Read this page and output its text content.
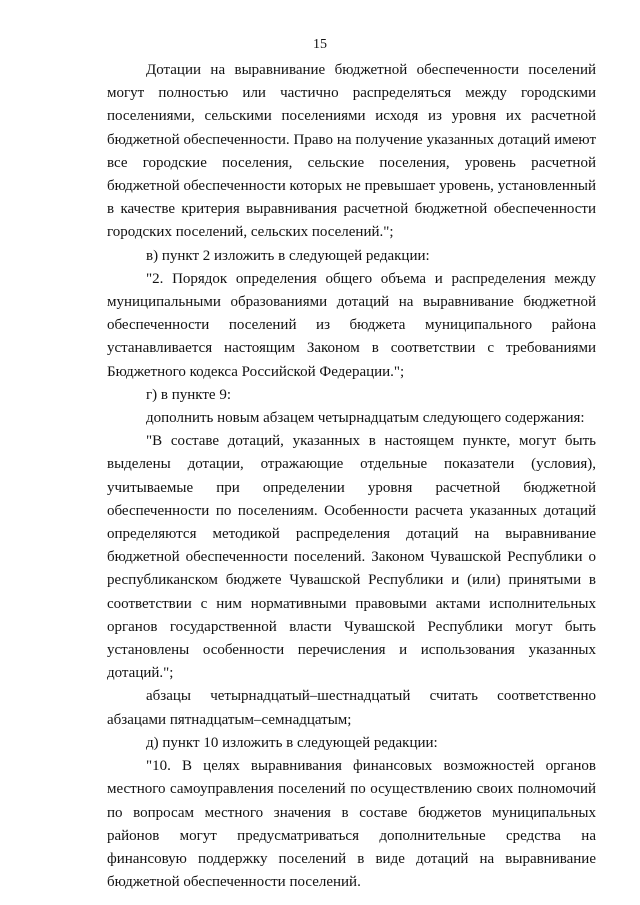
15

Дотации на выравнивание бюджетной обеспеченности поселений могут полностью или частично распределяться между городскими поселениями, сельскими поселениями исходя из уровня их расчетной бюджетной обеспеченности. Право на получение указанных дотаций имеют все городские поселения, сельские поселения, уровень расчетной бюджетной обеспеченности которых не превышает уровень, установленный в качестве критерия выравнивания расчетной бюджетной обеспеченности городских поселений, сельских поселений.";

в) пункт 2 изложить в следующей редакции:

"2. Порядок определения общего объема и распределения между муниципальными образованиями дотаций на выравнивание бюджетной обеспеченности поселений из бюджета муниципального района устанавливается настоящим Законом в соответствии с требованиями Бюджетного кодекса Российской Федерации.";

г) в пункте 9:

дополнить новым абзацем четырнадцатым следующего содержания:

"В составе дотаций, указанных в настоящем пункте, могут быть выделены дотации, отражающие отдельные показатели (условия), учитываемые при определении уровня расчетной бюджетной обеспеченности по поселениям. Особенности расчета указанных дотаций определяются методикой распределения дотаций на выравнивание бюджетной обеспеченности поселений. Законом Чувашской Республики о республиканском бюджете Чувашской Республики и (или) принятыми в соответствии с ним нормативными правовыми актами исполнительных органов государственной власти Чувашской Республики могут быть установлены особенности перечисления и использования указанных дотаций.";

абзацы четырнадцатый–шестнадцатый считать соответственно абзацами пятнадцатым–семнадцатым;

д) пункт 10 изложить в следующей редакции:

"10. В целях выравнивания финансовых возможностей органов местного самоуправления поселений по осуществлению своих полномочий по вопросам местного значения в составе бюджетов муниципальных районов могут предусматриваться дополнительные средства на финансовую поддержку поселений в виде дотаций на выравнивание бюджетной обеспеченности поселений.
